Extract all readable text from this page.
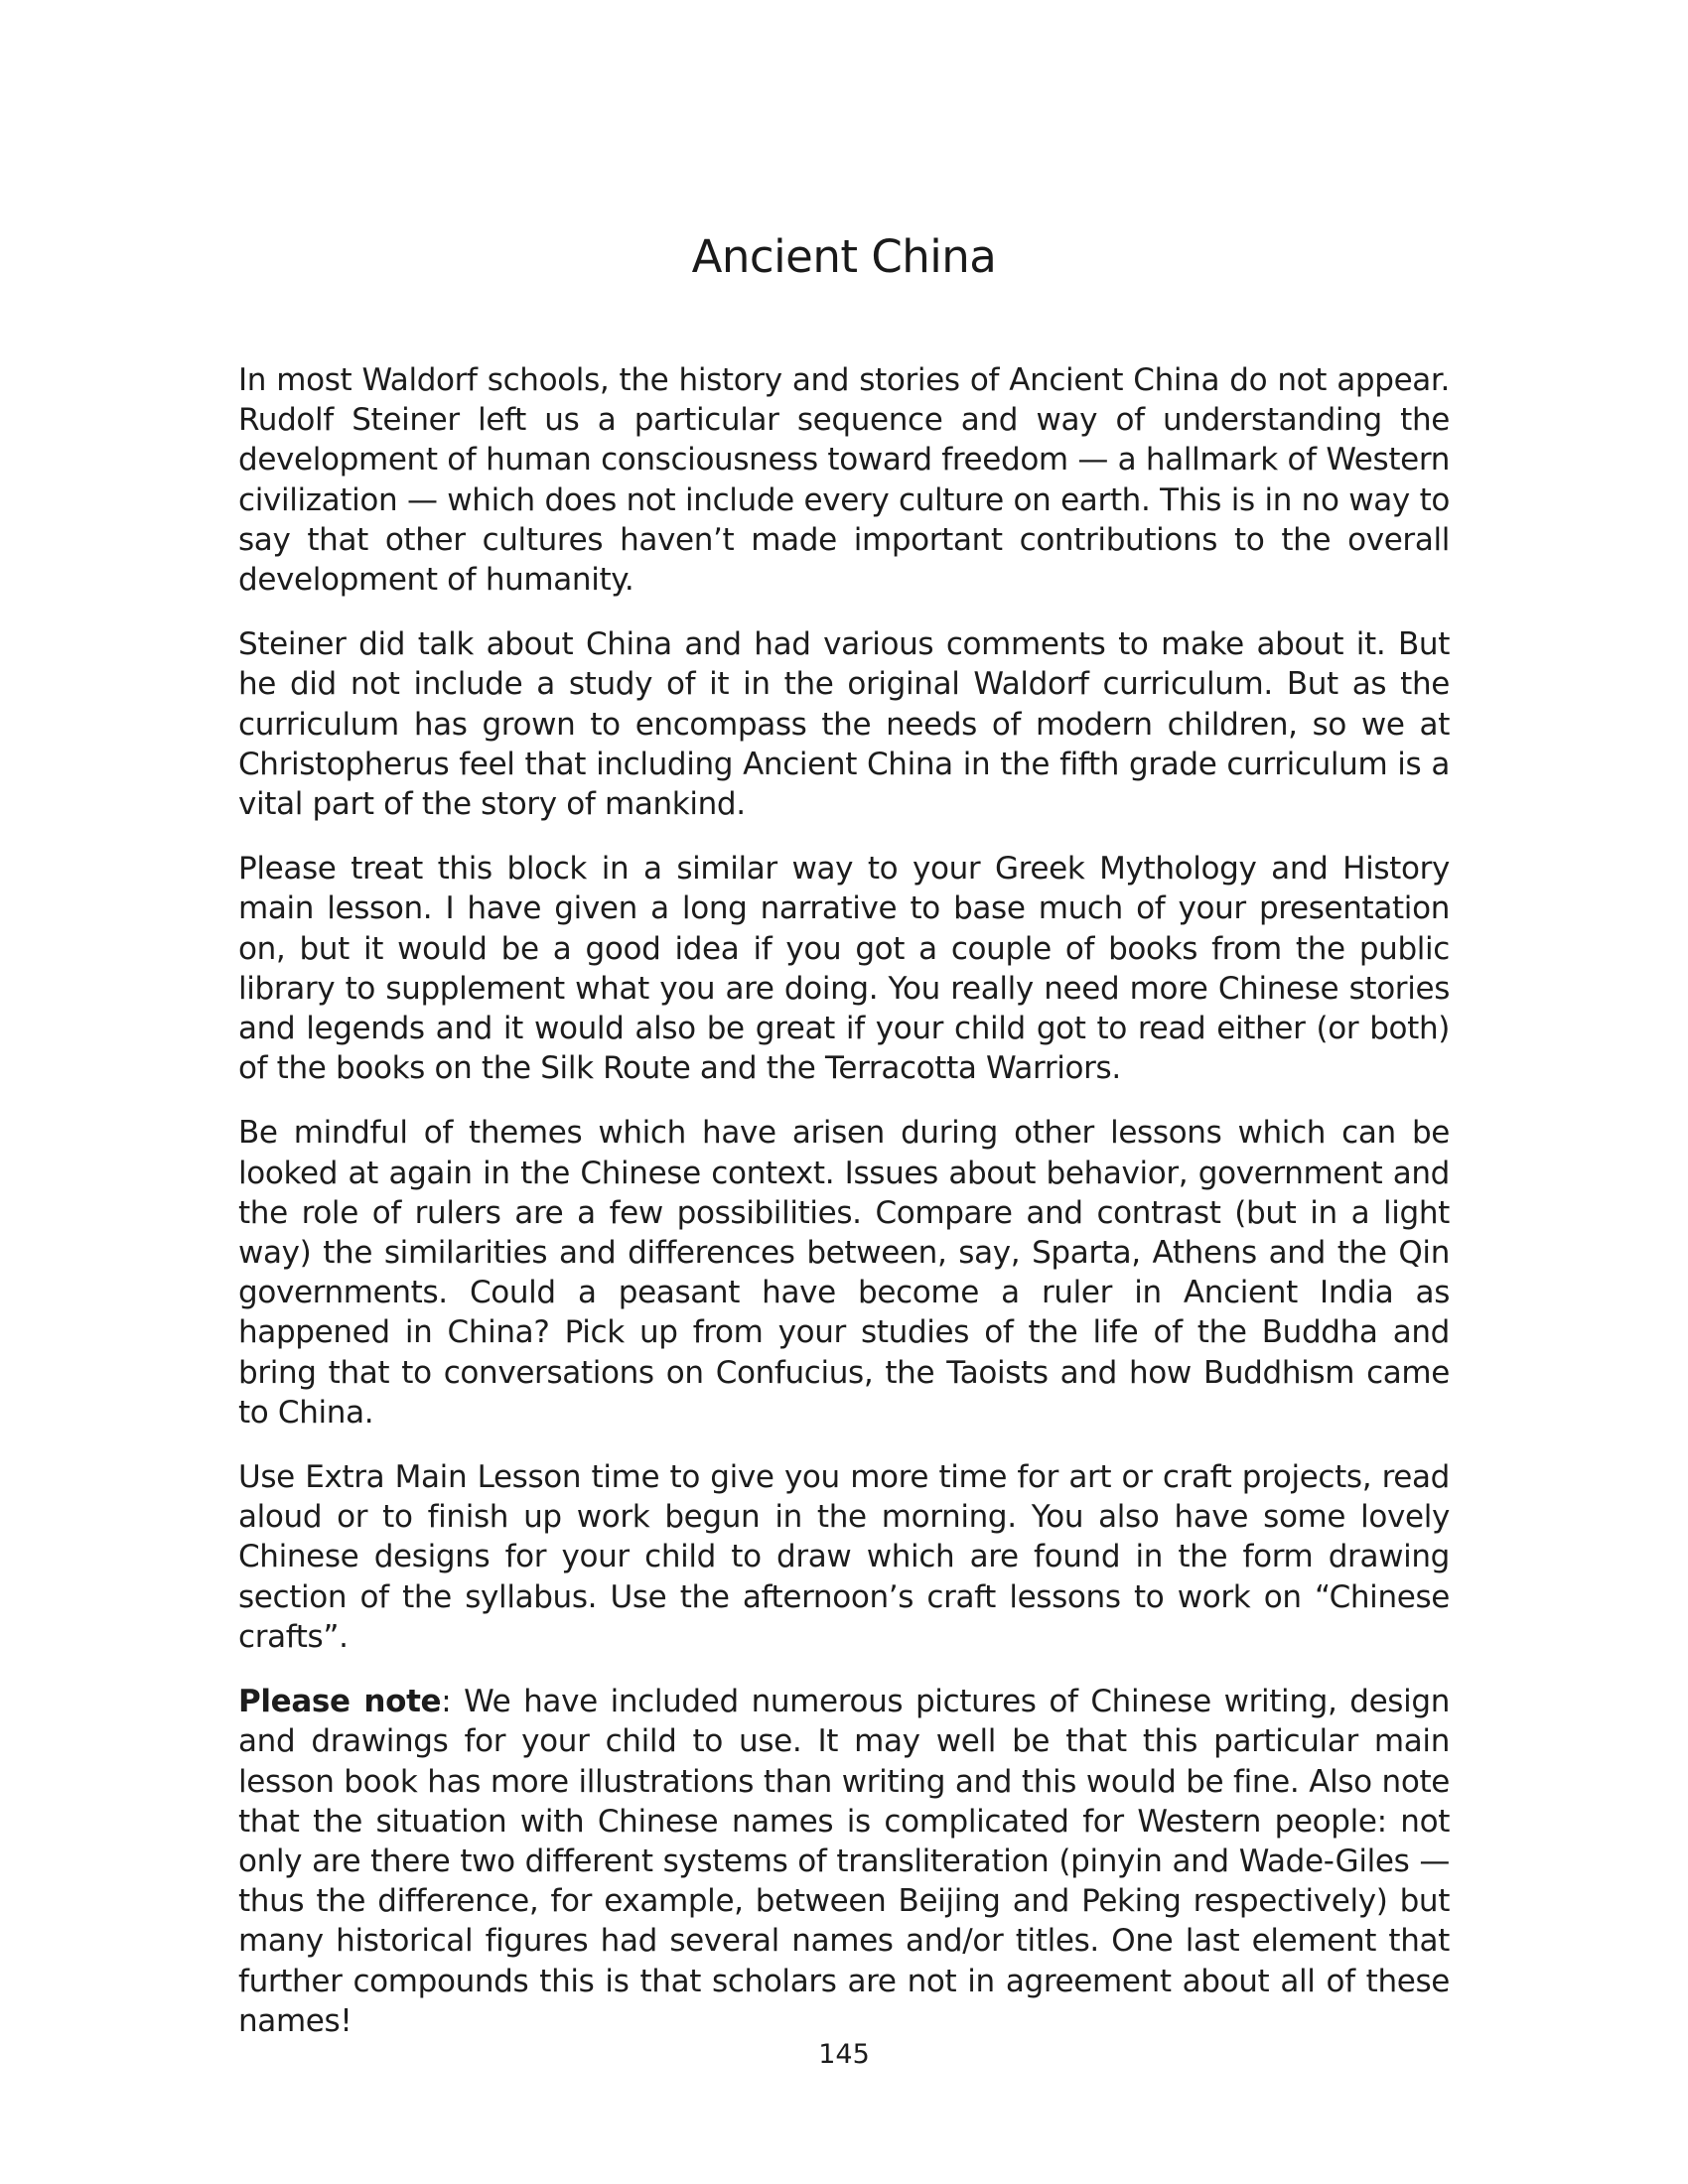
Ancient China

In most Waldorf schools, the history and stories of Ancient China do not appear. Rudolf Steiner left us a particular sequence and way of understanding the development of human consciousness toward freedom — a hallmark of Western civilization — which does not include every culture on earth. This is in no way to say that other cultures haven’t made important contributions to the overall development of humanity.

Steiner did talk about China and had various comments to make about it. But he did not include a study of it in the original Waldorf curriculum. But as the curriculum has grown to encompass the needs of modern children, so we at Christopherus feel that including Ancient China in the fifth grade curriculum is a vital part of the story of mankind.

Please treat this block in a similar way to your Greek Mythology and History main lesson. I have given a long narrative to base much of your presentation on, but it would be a good idea if you got a couple of books from the public library to supplement what you are doing. You really need more Chinese stories and legends and it would also be great if your child got to read either (or both) of the books on the Silk Route and the Terracotta Warriors.

Be mindful of themes which have arisen during other lessons which can be looked at again in the Chinese context. Issues about behavior, government and the role of rulers are a few possibilities. Compare and contrast (but in a light way) the similarities and differences between, say, Sparta, Athens and the Qin governments. Could a peasant have become a ruler in Ancient India as happened in China? Pick up from your studies of the life of the Buddha and bring that to conversations on Confucius, the Taoists and how Buddhism came to China.

Use Extra Main Lesson time to give you more time for art or craft projects, read aloud or to finish up work begun in the morning. You also have some lovely Chinese designs for your child to draw which are found in the form drawing section of the syllabus. Use the afternoon’s craft lessons to work on “Chinese crafts”.

Please note: We have included numerous pictures of Chinese writing, design and drawings for your child to use. It may well be that this particular main lesson book has more illustrations than writing and this would be fine. Also note that the situation with Chinese names is complicated for Western people: not only are there two different systems of transliteration (pinyin and Wade-Giles — thus the difference, for example, between Beijing and Peking respectively) but many historical figures had several names and/or titles. One last element that further compounds this is that scholars are not in agreement about all of these names!

145
